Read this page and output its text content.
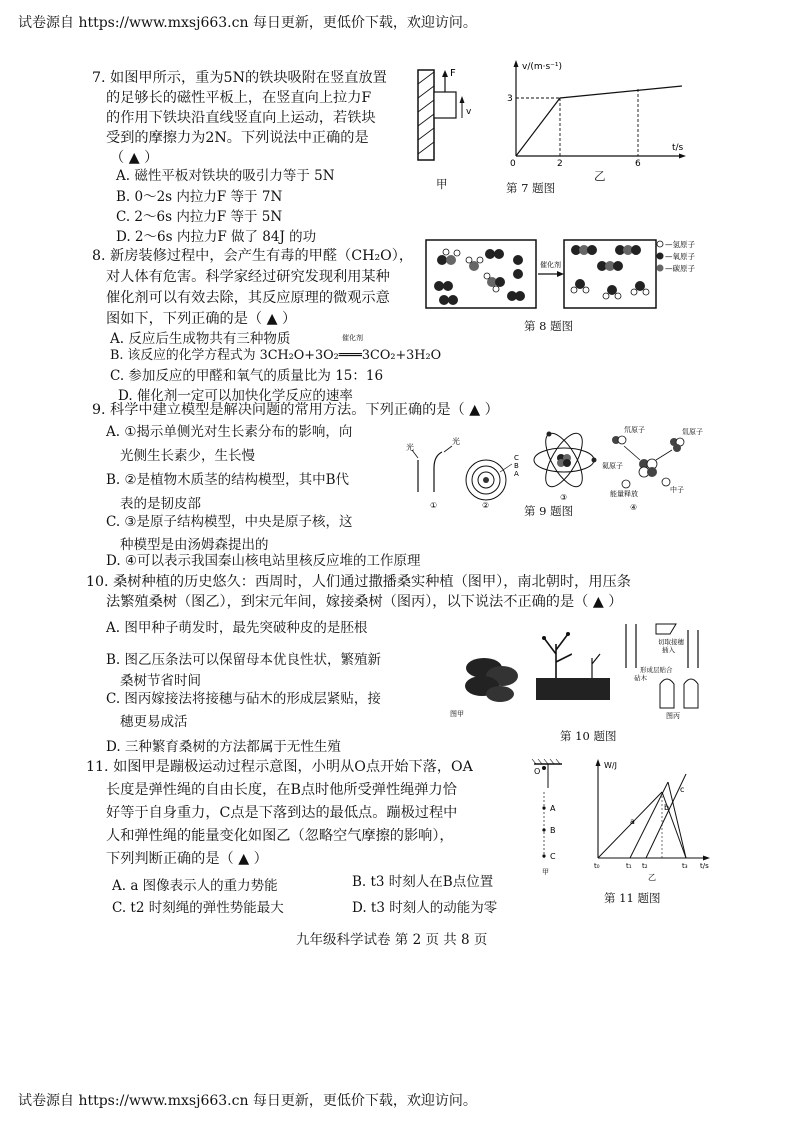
试卷源自 https://www.mxsj663.cn 每日更新，更低价下载，欢迎访问。
7. 如图甲所示，重为5N的铁块吸附在竖直放置
的足够长的磁性平板上，在竖直向上拉力F
的作用下铁块沿直线竖直向上运动，若铁块
受到的摩擦力为2N。下列说法中正确的是
（ ▲ ）
A. 磁性平板对铁块的吸引力等于 5N
B. 0～2s 内拉力F 等于 7N
C. 2～6s 内拉力F 等于 5N
D. 2～6s 内拉力F 做了 84J 的功
F
v
v/(m·s⁻¹)
t/s
0	2	6
3
甲	第 7 题图
乙
8. 新房装修过程中，会产生有毒的甲醛（CH₂O），
对人体有危害。科学家经过研究发现利用某种
催化剂可以有效去除，其反应原理的微观示意
图如下，下列正确的是（ ▲ ）
A. 反应后生成物共有三种物质	催化剂
B. 该反应的化学方程式为 3CH₂O+3O₂═══3CO₂+3H₂O
C. 参加反应的甲醛和氧气的质量比为 15：16
D. 催化剂一定可以加快化学反应的速率
催化剂
—氢原子
—氧原子
—碳原子
第 8 题图
9. 科学中建立模型是解决问题的常用方法。下列正确的是（ ▲ ）
A. ①揭示单侧光对生长素分布的影响，向
光侧生长素少，生长慢
B. ②是植物木质茎的结构模型，其中B代
表的是韧皮部
C. ③是原子结构模型，中央是原子核，这
种模型是由汤姆森提出的
D. ④可以表示我国秦山核电站里核反应堆的工作原理
光
光
①
C
B
A
②
③
氘原子	氚原子
氦原子
中子
能量释放
④
第 9 题图
10. 桑树种植的历史悠久：西周时，人们通过撒播桑实种植（图甲），南北朝时，用压条
法繁殖桑树（图乙），到宋元年间，嫁接桑树（图丙），以下说法不正确的是（ ▲ ）
A. 图甲种子萌发时，最先突破种皮的是胚根
B. 图乙压条法可以保留母本优良性状，繁殖新
桑树节省时间
C. 图丙嫁接法将接穗与砧木的形成层紧贴，接
穗更易成活
D. 三种繁育桑树的方法都属于无性生殖
图甲
切取接穗
插入
形成层贴合
砧木
图丙
第 10 题图
11. 如图甲是蹦极运动过程示意图，小明从O点开始下落，OA
长度是弹性绳的自由长度，在B点时他所受弹性绳弹力恰
好等于自身重力，C点是下落到达的最低点。蹦极过程中
人和弹性绳的能量变化如图乙（忽略空气摩擦的影响），
下列判断正确的是（ ▲ ）
A. a 图像表示人的重力势能	B. t3 时刻人在B点位置
C. t2 时刻绳的弹性势能最大	D. t3 时刻人的动能为零
O
A
B
C
甲
W/J
t/s
a
b
c
t₀	t₁ t₂	t₃
乙
第 11 题图
九年级科学试卷 第 2 页 共 8 页
试卷源自 https://www.mxsj663.cn 每日更新，更低价下载，欢迎访问。
